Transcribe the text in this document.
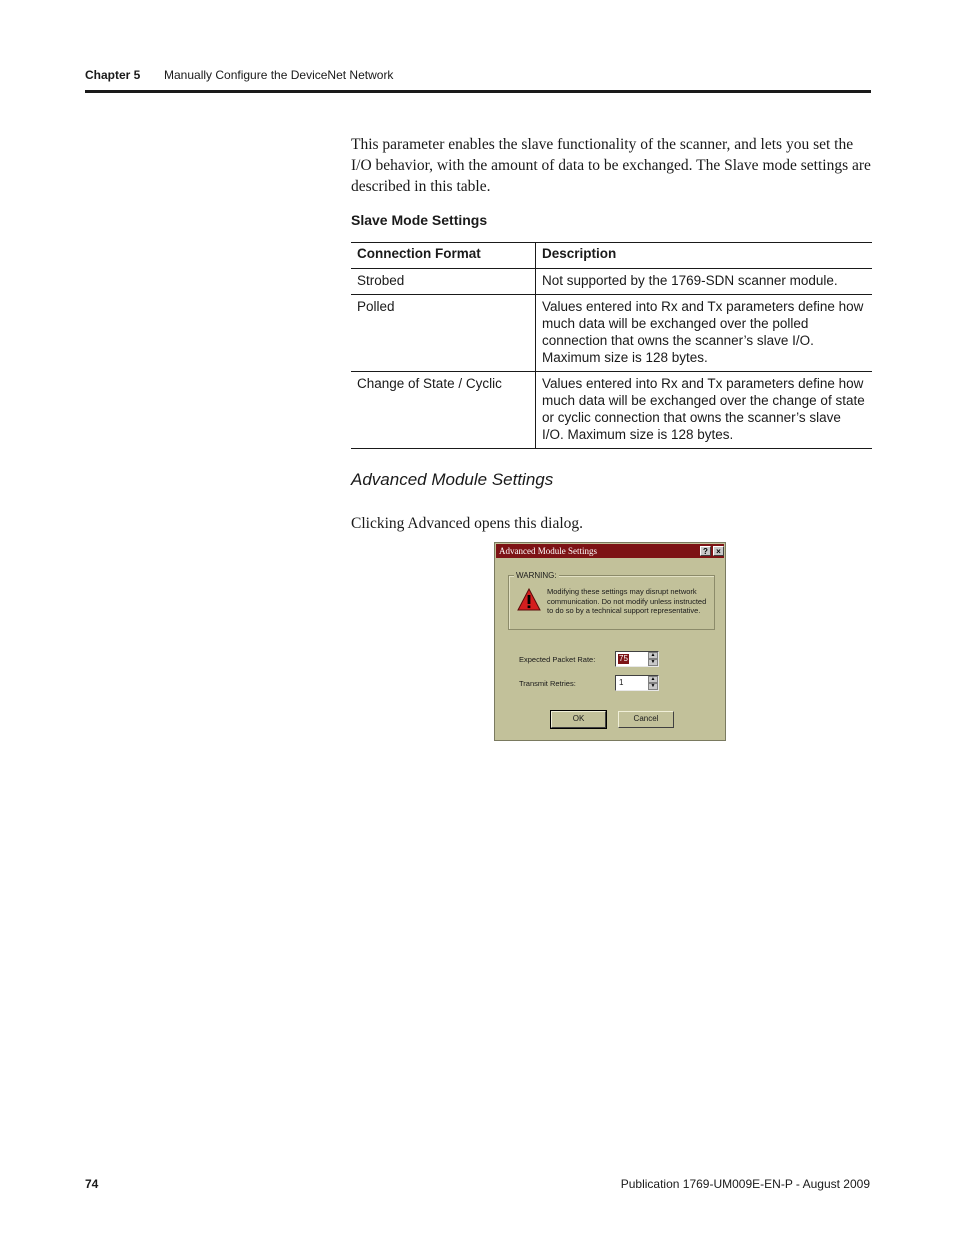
Chapter 5 Manually Configure the DeviceNet Network

This parameter enables the slave functionality of the scanner, and lets you set the I/O behavior, with the amount of data to be exchanged. The Slave mode settings are described in this table.

Slave Mode Settings
Connection Format	Description
Strobed	Not supported by the 1769-SDN scanner module.
Polled	Values entered into Rx and Tx parameters define how much data will be exchanged over the polled connection that owns the scanner’s slave I/O. Maximum size is 128 bytes.
Change of State / Cyclic	Values entered into Rx and Tx parameters define how much data will be exchanged over the change of state or cyclic connection that owns the scanner’s slave I/O. Maximum size is 128 bytes.
Advanced Module Settings
Clicking Advanced opens this dialog.
Advanced Module Settings	?	×
WARNING:
Modifying these settings may disrupt network communication. Do not modify unless instructed to do so by a technical support representative.
Expected Packet Rate:	75	▲
▼
Transmit Retries:	1	▲
▼
OK	Cancel
74	Publication 1769-UM009E-EN-P - August 2009
